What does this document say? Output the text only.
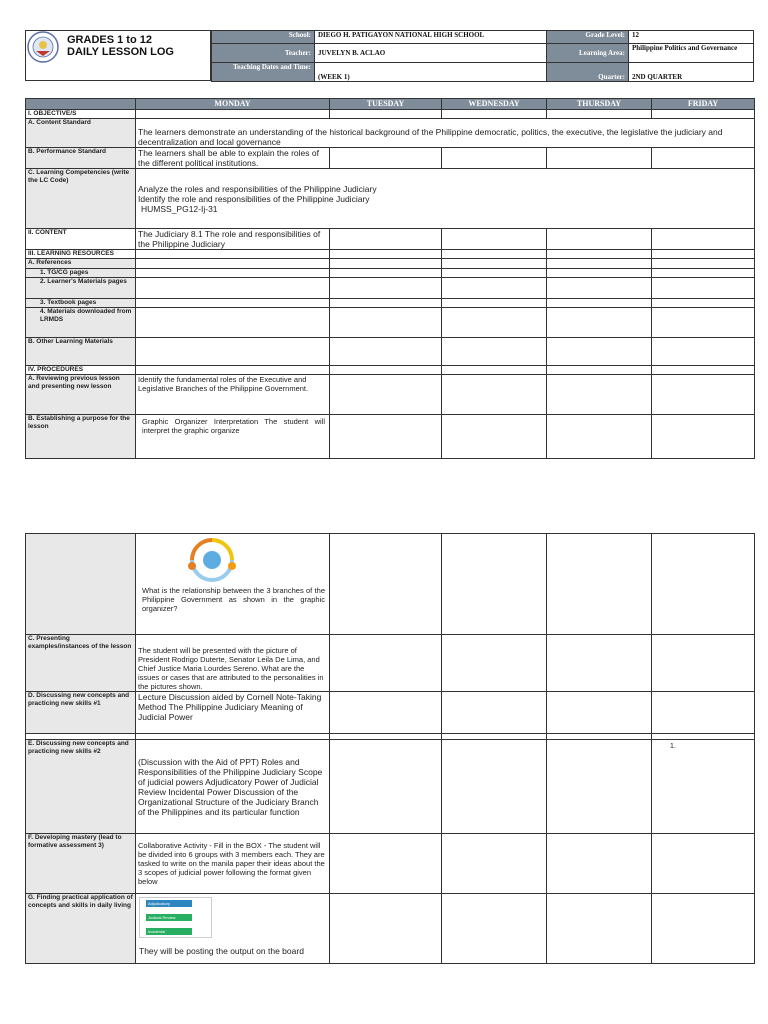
GRADES 1 to 12
DAILY LESSON LOG
School:	DIEGO H. PATIGAYON NATIONAL HIGH SCHOOL	Grade Level:	12
Teacher:	JUVELYN B. ACLAO	Learning Area:	Philippine Politics and Governance
Teaching Dates and Time:	(WEEK 1)	Quarter:	2ND QUARTER
	MONDAY	TUESDAY	WEDNESDAY	THURSDAY	FRIDAY
I. OBJECTIVE/S					
A. Content Standard	The learners demonstrate an understanding of the historical background of the Philippine democratic, politics, the executive, the legislative the judiciary and decentralization and local governance				
B. Performance Standard	The learners shall be able to explain the roles of the different political institutions.				
C. Learning Competencies (write the LC Code)	Analyze the roles and responsibilities of the Philippine Judiciary
Identify the role and responsibilities of the Philippine Judiciary
HUMSS_PG12-Ij-31				

II. CONTENT	The Judiciary 8.1 The role and responsibilities of the Philippine Judiciary				
III. LEARNING RESOURCES					
A. References					
1. TG/CG pages					
2. Learner's Materials pages					
3. Textbook pages					
4. Materials downloaded from LRMDS					
B. Other Learning Materials					
IV. PROCEDURES					
A. Reviewing previous lesson and presenting new lesson	Identify the fundamental roles of the Executive and Legislative Branches of the Philippine Government.				
B. Establishing a purpose for the lesson	Graphic Organizer Interpretation The student will interpret the graphic organize				

	What is the relationship between the 3 branches of the Philippine Government as shown in the graphic organizer?				

C. Presenting examples/instances of the lesson	The student will be presented with the picture of President Rodrigo Duterte, Senator Leila De Lima, and Chief Justice Maria Lourdes Sereno. What are the issues or cases that are attributed to the personalities in the pictures shown.				
D. Discussing new concepts and practicing new skills #1	Lecture Discussion aided by Cornell Note-Taking Method The Philippine Judiciary Meaning of Judicial Power				

E. Discussing new concepts and practicing new skills #2	(Discussion with the Aid of PPT) Roles and Responsibilities of the Philippine Judiciary Scope of judicial powers Adjudicatory Power of Judicial Review Incidental Power Discussion of the Organizational Structure of the Judiciary Branch of the Philippines and its particular function				1.
F. Developing mastery (lead to formative assessment 3)	Collaborative Activity - Fill in the BOX - The student will be divided into 6 groups with 3 members each. They are tasked to write on the manila paper their ideas about the 3 scopes of judicial power following the format given below				
G. Finding practical application of concepts and skills in daily living	Adjudicatory
Judicial Review
Incidental
They will be posting the output on the board				
